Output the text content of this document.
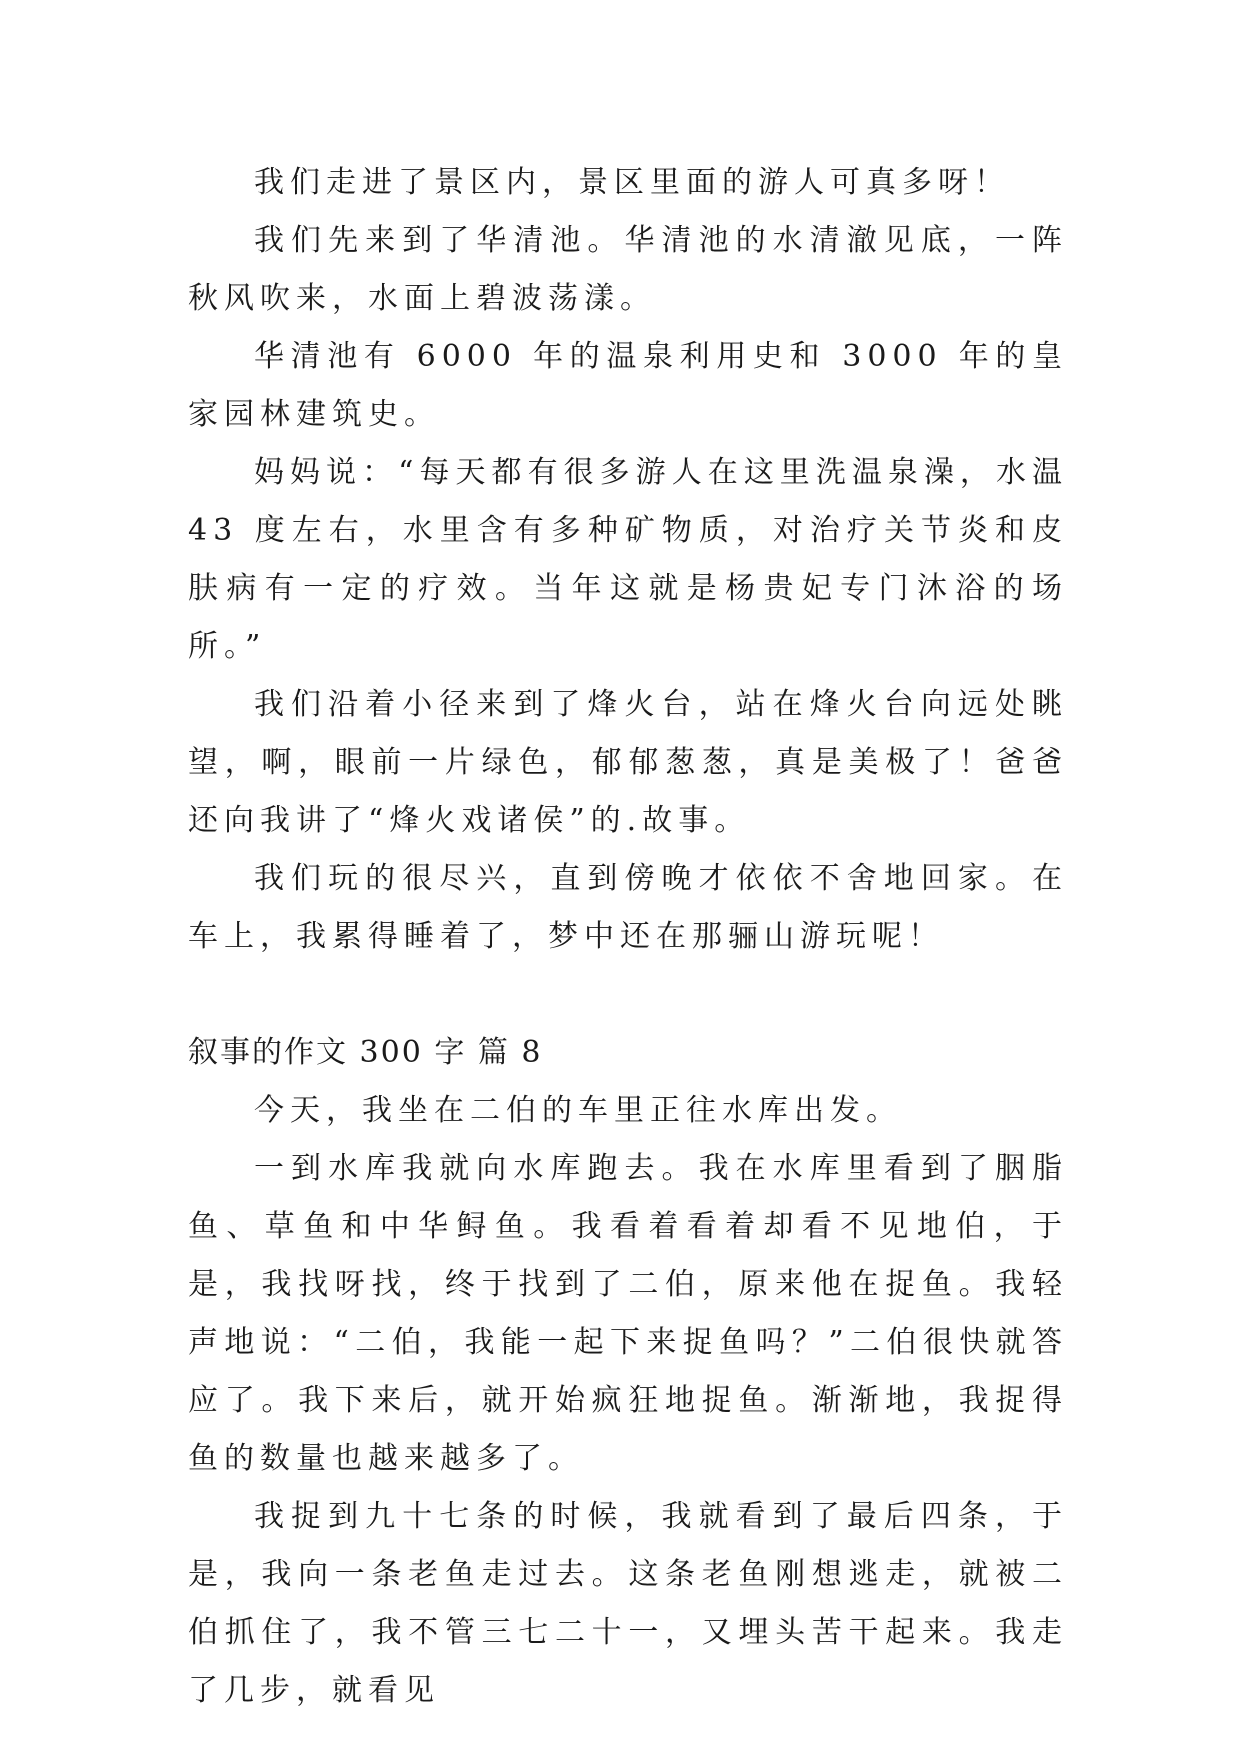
我们走进了景区内，景区里面的游人可真多呀！

我们先来到了华清池。华清池的水清澈见底，一阵秋风吹来，水面上碧波荡漾。

华清池有 6000 年的温泉利用史和 3000 年的皇家园林建筑史。

妈妈说：“每天都有很多游人在这里洗温泉澡，水温 43 度左右，水里含有多种矿物质，对治疗关节炎和皮肤病有一定的疗效。当年这就是杨贵妃专门沐浴的场所。”

我们沿着小径来到了烽火台，站在烽火台向远处眺望，啊，眼前一片绿色，郁郁葱葱，真是美极了！爸爸还向我讲了“烽火戏诸侯”的.故事。

我们玩的很尽兴，直到傍晚才依依不舍地回家。在车上，我累得睡着了，梦中还在那骊山游玩呢！

叙事的作文 300 字 篇 8

今天，我坐在二伯的车里正往水库出发。

一到水库我就向水库跑去。我在水库里看到了胭脂鱼、草鱼和中华鲟鱼。我看着看着却看不见地伯，于是，我找呀找，终于找到了二伯，原来他在捉鱼。我轻声地说：“二伯，我能一起下来捉鱼吗？”二伯很快就答应了。我下来后，就开始疯狂地捉鱼。渐渐地，我捉得鱼的数量也越来越多了。

我捉到九十七条的时候，我就看到了最后四条，于是，我向一条老鱼走过去。这条老鱼刚想逃走，就被二伯抓住了，我不管三七二十一，又埋头苦干起来。我走了几步，就看见
